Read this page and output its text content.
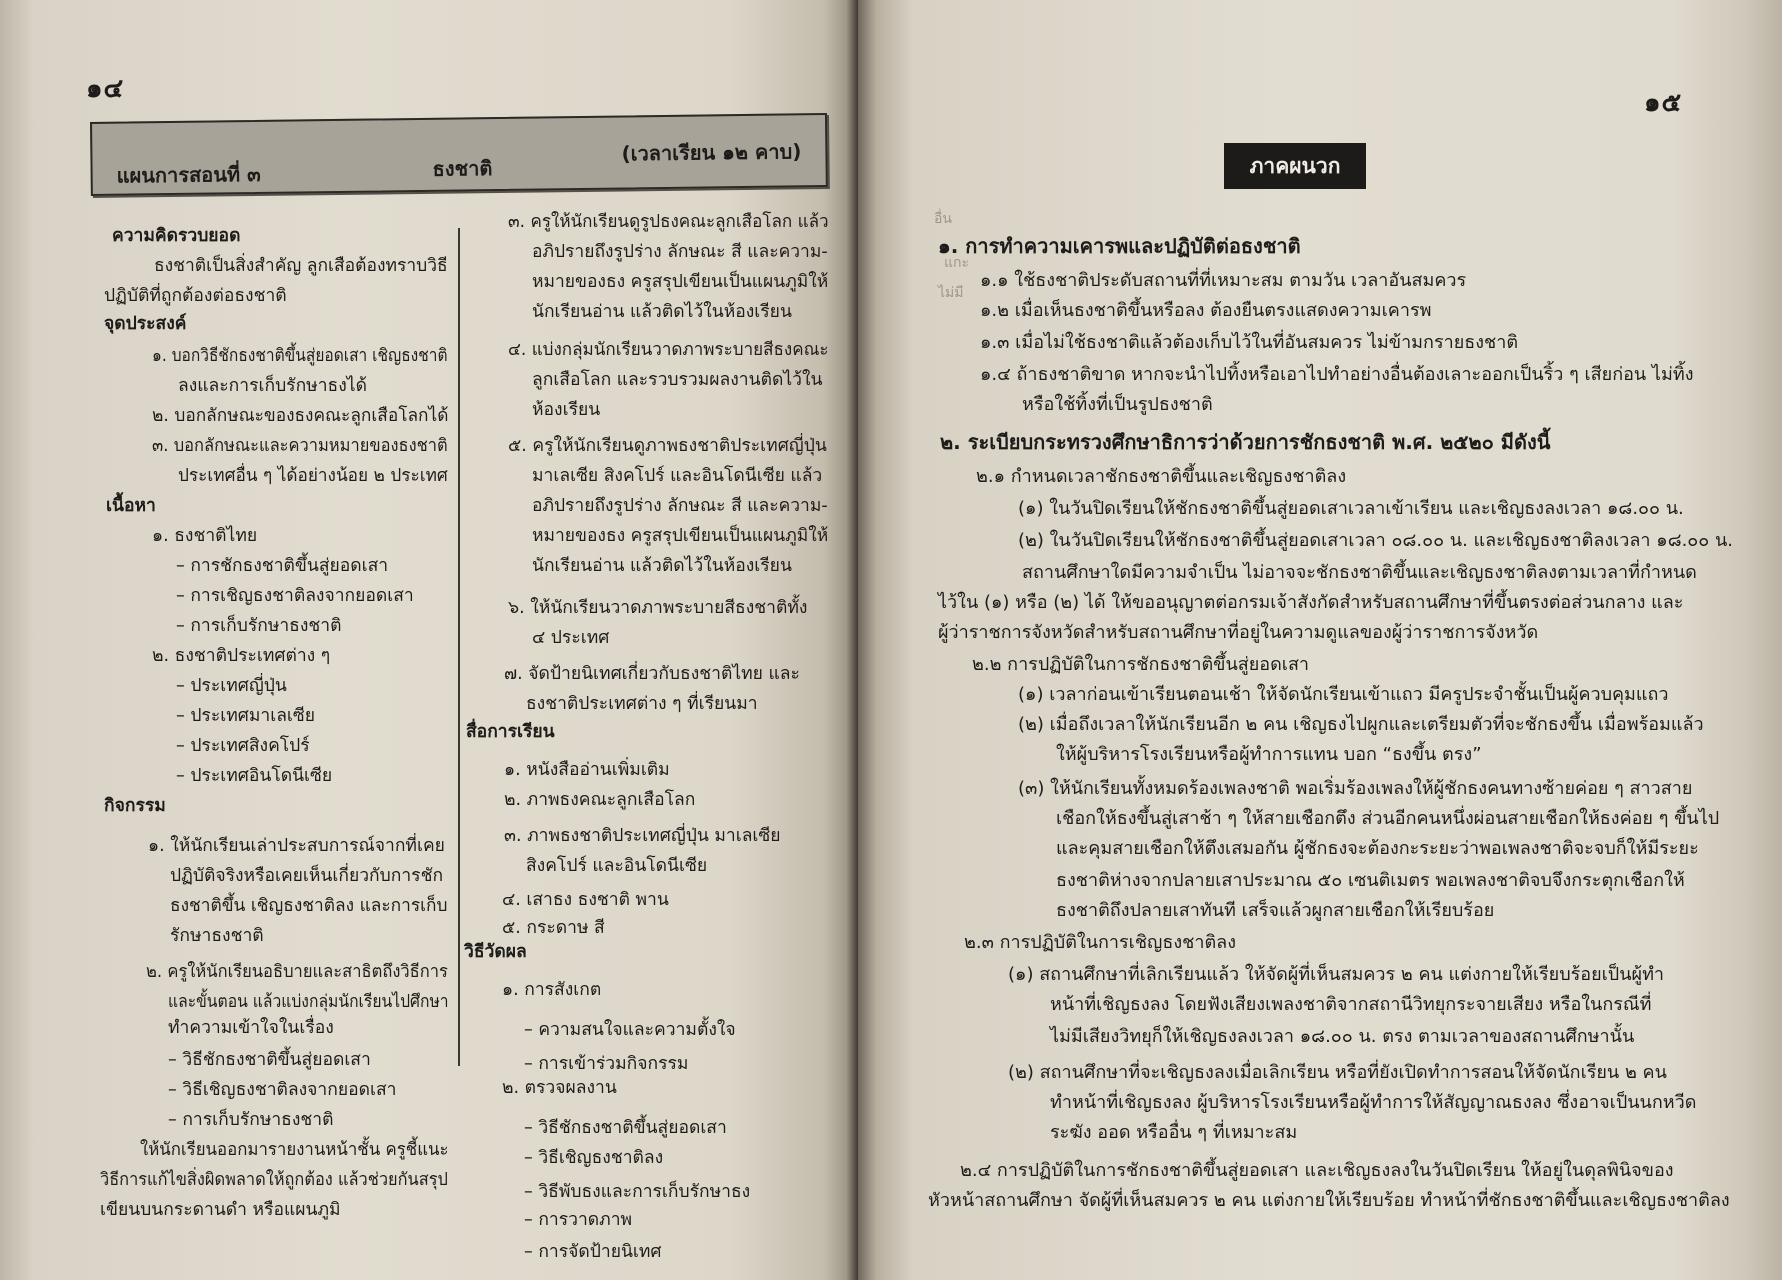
๑๔
แผนการสอนที่ ๓	ธงชาติ
(เวลาเรียน ๑๒ คาบ)
ความคิดรวบยอด
ธงชาติเป็นสิ่งสำคัญ ลูกเสือต้องทราบวิธี
ปฏิบัติที่ถูกต้องต่อธงชาติ
จุดประสงค์
๑. บอกวิธีชักธงชาติขึ้นสู่ยอดเสา เชิญธงชาติ
ลงและการเก็บรักษาธงได้
๒. บอกลักษณะของธงคณะลูกเสือโลกได้
๓. บอกลักษณะและความหมายของธงชาติ
ประเทศอื่น ๆ ได้อย่างน้อย ๒ ประเทศ
เนื้อหา
๑. ธงชาติไทย
– การชักธงชาติขึ้นสู่ยอดเสา
– การเชิญธงชาติลงจากยอดเสา
– การเก็บรักษาธงชาติ
๒. ธงชาติประเทศต่าง ๆ
– ประเทศญี่ปุ่น
– ประเทศมาเลเซีย
– ประเทศสิงคโปร์
– ประเทศอินโดนีเซีย
กิจกรรม
๑. ให้นักเรียนเล่าประสบการณ์จากที่เคย
ปฏิบัติจริงหรือเคยเห็นเกี่ยวกับการชัก
ธงชาติขึ้น เชิญธงชาติลง และการเก็บ
รักษาธงชาติ
๒. ครูให้นักเรียนอธิบายและสาธิตถึงวิธีการ
และขั้นตอน แล้วแบ่งกลุ่มนักเรียนไปศึกษา
ทำความเข้าใจในเรื่อง
– วิธีชักธงชาติขึ้นสู่ยอดเสา
– วิธีเชิญธงชาติลงจากยอดเสา
– การเก็บรักษาธงชาติ
ให้นักเรียนออกมารายงานหน้าชั้น ครูชี้แนะ
วิธีการแก้ไขสิ่งผิดพลาดให้ถูกต้อง แล้วช่วยกันสรุป
เขียนบนกระดานดำ หรือแผนภูมิ
๓. ครูให้นักเรียนดูรูปธงคณะลูกเสือโลก แล้ว
อภิปรายถึงรูปร่าง ลักษณะ สี และความ-
หมายของธง ครูสรุปเขียนเป็นแผนภูมิให้
นักเรียนอ่าน แล้วติดไว้ในห้องเรียน
๔. แบ่งกลุ่มนักเรียนวาดภาพระบายสีธงคณะ
ลูกเสือโลก และรวบรวมผลงานติดไว้ใน
ห้องเรียน
๕. ครูให้นักเรียนดูภาพธงชาติประเทศญี่ปุ่น
มาเลเซีย สิงคโปร์ และอินโดนีเซีย แล้ว
อภิปรายถึงรูปร่าง ลักษณะ สี และความ-
หมายของธง ครูสรุปเขียนเป็นแผนภูมิให้
นักเรียนอ่าน แล้วติดไว้ในห้องเรียน
๖. ให้นักเรียนวาดภาพระบายสีธงชาติทั้ง
๔ ประเทศ
๗. จัดป้ายนิเทศเกี่ยวกับธงชาติไทย และ
ธงชาติประเทศต่าง ๆ ที่เรียนมา
สื่อการเรียน
๑. หนังสืออ่านเพิ่มเติม
๒. ภาพธงคณะลูกเสือโลก
๓. ภาพธงชาติประเทศญี่ปุ่น มาเลเซีย
สิงคโปร์ และอินโดนีเซีย
๔. เสาธง ธงชาติ พาน
๕. กระดาษ สี
วิธีวัดผล
๑. การสังเกต
– ความสนใจและความตั้งใจ
– การเข้าร่วมกิจกรรม
๒. ตรวจผลงาน
– วิธีชักธงชาติขึ้นสู่ยอดเสา
– วิธีเชิญธงชาติลง
– วิธีพับธงและการเก็บรักษาธง
– การวาดภาพ
– การจัดป้ายนิเทศ
๑๕
ภาคผนวก
อื่น
แกะ
ไม่มี
๑. การทำความเคารพและปฏิบัติต่อธงชาติ
๑.๑ ใช้ธงชาติประดับสถานที่ที่เหมาะสม ตามวัน เวลาอันสมควร
๑.๒ เมื่อเห็นธงชาติขึ้นหรือลง ต้องยืนตรงแสดงความเคารพ
๑.๓ เมื่อไม่ใช้ธงชาติแล้วต้องเก็บไว้ในที่อันสมควร ไม่ข้ามกรายธงชาติ
๑.๔ ถ้าธงชาติขาด หากจะนำไปทิ้งหรือเอาไปทำอย่างอื่นต้องเลาะออกเป็นริ้ว ๆ เสียก่อน ไม่ทิ้ง
หรือใช้ทิ้งที่เป็นรูปธงชาติ
๒. ระเบียบกระทรวงศึกษาธิการว่าด้วยการชักธงชาติ พ.ศ. ๒๕๒๐ มีดังนี้
๒.๑ กำหนดเวลาชักธงชาติขึ้นและเชิญธงชาติลง
(๑) ในวันปิดเรียนให้ชักธงชาติขึ้นสู่ยอดเสาเวลาเข้าเรียน และเชิญธงลงเวลา ๑๘.๐๐ น.
(๒) ในวันปิดเรียนให้ชักธงชาติขึ้นสู่ยอดเสาเวลา ๐๘.๐๐ น. และเชิญธงชาติลงเวลา ๑๘.๐๐ น.
สถานศึกษาใดมีความจำเป็น ไม่อาจจะชักธงชาติขึ้นและเชิญธงชาติลงตามเวลาที่กำหนด
ไว้ใน (๑) หรือ (๒) ได้ ให้ขออนุญาตต่อกรมเจ้าสังกัดสำหรับสถานศึกษาที่ขึ้นตรงต่อส่วนกลาง และ
ผู้ว่าราชการจังหวัดสำหรับสถานศึกษาที่อยู่ในความดูแลของผู้ว่าราชการจังหวัด
๒.๒ การปฏิบัติในการชักธงชาติขึ้นสู่ยอดเสา
(๑) เวลาก่อนเข้าเรียนตอนเช้า ให้จัดนักเรียนเข้าแถว มีครูประจำชั้นเป็นผู้ควบคุมแถว
(๒) เมื่อถึงเวลาให้นักเรียนอีก ๒ คน เชิญธงไปผูกและเตรียมตัวที่จะชักธงขึ้น เมื่อพร้อมแล้ว
ให้ผู้บริหารโรงเรียนหรือผู้ทำการแทน บอก “ธงขึ้น ตรง”
(๓) ให้นักเรียนทั้งหมดร้องเพลงชาติ พอเริ่มร้องเพลงให้ผู้ชักธงคนทางซ้ายค่อย ๆ สาวสาย
เชือกให้ธงขึ้นสู่เสาช้า ๆ ให้สายเชือกตึง ส่วนอีกคนหนึ่งผ่อนสายเชือกให้ธงค่อย ๆ ขึ้นไป
และคุมสายเชือกให้ตึงเสมอกัน ผู้ชักธงจะต้องกะระยะว่าพอเพลงชาติจะจบก็ให้มีระยะ
ธงชาติห่างจากปลายเสาประมาณ ๕๐ เซนติเมตร พอเพลงชาติจบจึงกระตุกเชือกให้
ธงชาติถึงปลายเสาทันที เสร็จแล้วผูกสายเชือกให้เรียบร้อย
๒.๓ การปฏิบัติในการเชิญธงชาติลง
(๑) สถานศึกษาที่เลิกเรียนแล้ว ให้จัดผู้ที่เห็นสมควร ๒ คน แต่งกายให้เรียบร้อยเป็นผู้ทำ
หน้าที่เชิญธงลง โดยฟังเสียงเพลงชาติจากสถานีวิทยุกระจายเสียง หรือในกรณีที่
ไม่มีเสียงวิทยุก็ให้เชิญธงลงเวลา ๑๘.๐๐ น. ตรง ตามเวลาของสถานศึกษานั้น
(๒) สถานศึกษาที่จะเชิญธงลงเมื่อเลิกเรียน หรือที่ยังเปิดทำการสอนให้จัดนักเรียน ๒ คน
ทำหน้าที่เชิญธงลง ผู้บริหารโรงเรียนหรือผู้ทำการให้สัญญาณธงลง ซึ่งอาจเป็นนกหวีด
ระฆัง ออด หรืออื่น ๆ ที่เหมาะสม
๒.๔ การปฏิบัติในการชักธงชาติขึ้นสู่ยอดเสา และเชิญธงลงในวันปิดเรียน ให้อยู่ในดุลพินิจของ
หัวหน้าสถานศึกษา จัดผู้ที่เห็นสมควร ๒ คน แต่งกายให้เรียบร้อย ทำหน้าที่ชักธงชาติขึ้นและเชิญธงชาติลง
